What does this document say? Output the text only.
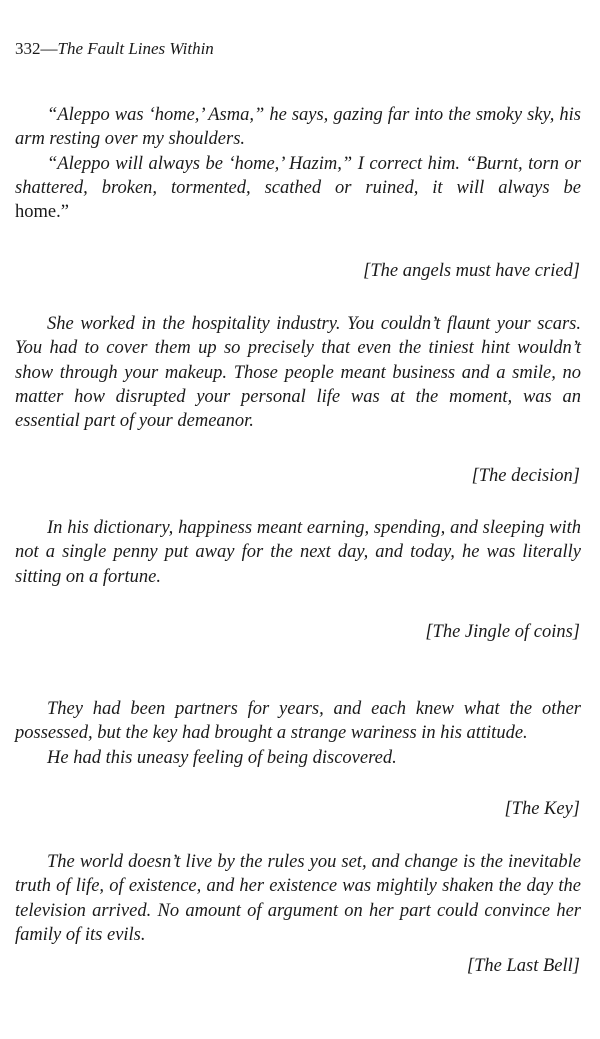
332—The Fault Lines Within

“Aleppo was ‘home,’ Asma,” he says, gazing far into the smoky sky, his arm resting over my shoulders.

“Aleppo will always be ‘home,’ Hazim,” I correct him. “Burnt, torn or shattered, broken, tormented, scathed or ruined, it will always be

home.”

[The angels must have cried]

She worked in the hospitality industry. You couldn’t flaunt your scars. You had to cover them up so precisely that even the tiniest hint wouldn’t show through your makeup. Those people meant business and a smile, no matter how disrupted your personal life was at the moment, was an essential part of your demeanor.

[The decision]

In his dictionary, happiness meant earning, spending, and sleeping with not a single penny put away for the next day, and today, he was literally sitting on a fortune.

[The Jingle of coins]

They had been partners for years, and each knew what the other possessed, but the key had brought a strange wariness in his attitude.

He had this uneasy feeling of being discovered.

[The Key]

The world doesn’t live by the rules you set, and change is the inevitable truth of life, of existence, and her existence was mightily shaken the day the television arrived. No amount of argument on her part could convince her family of its evils.

[The Last Bell]
